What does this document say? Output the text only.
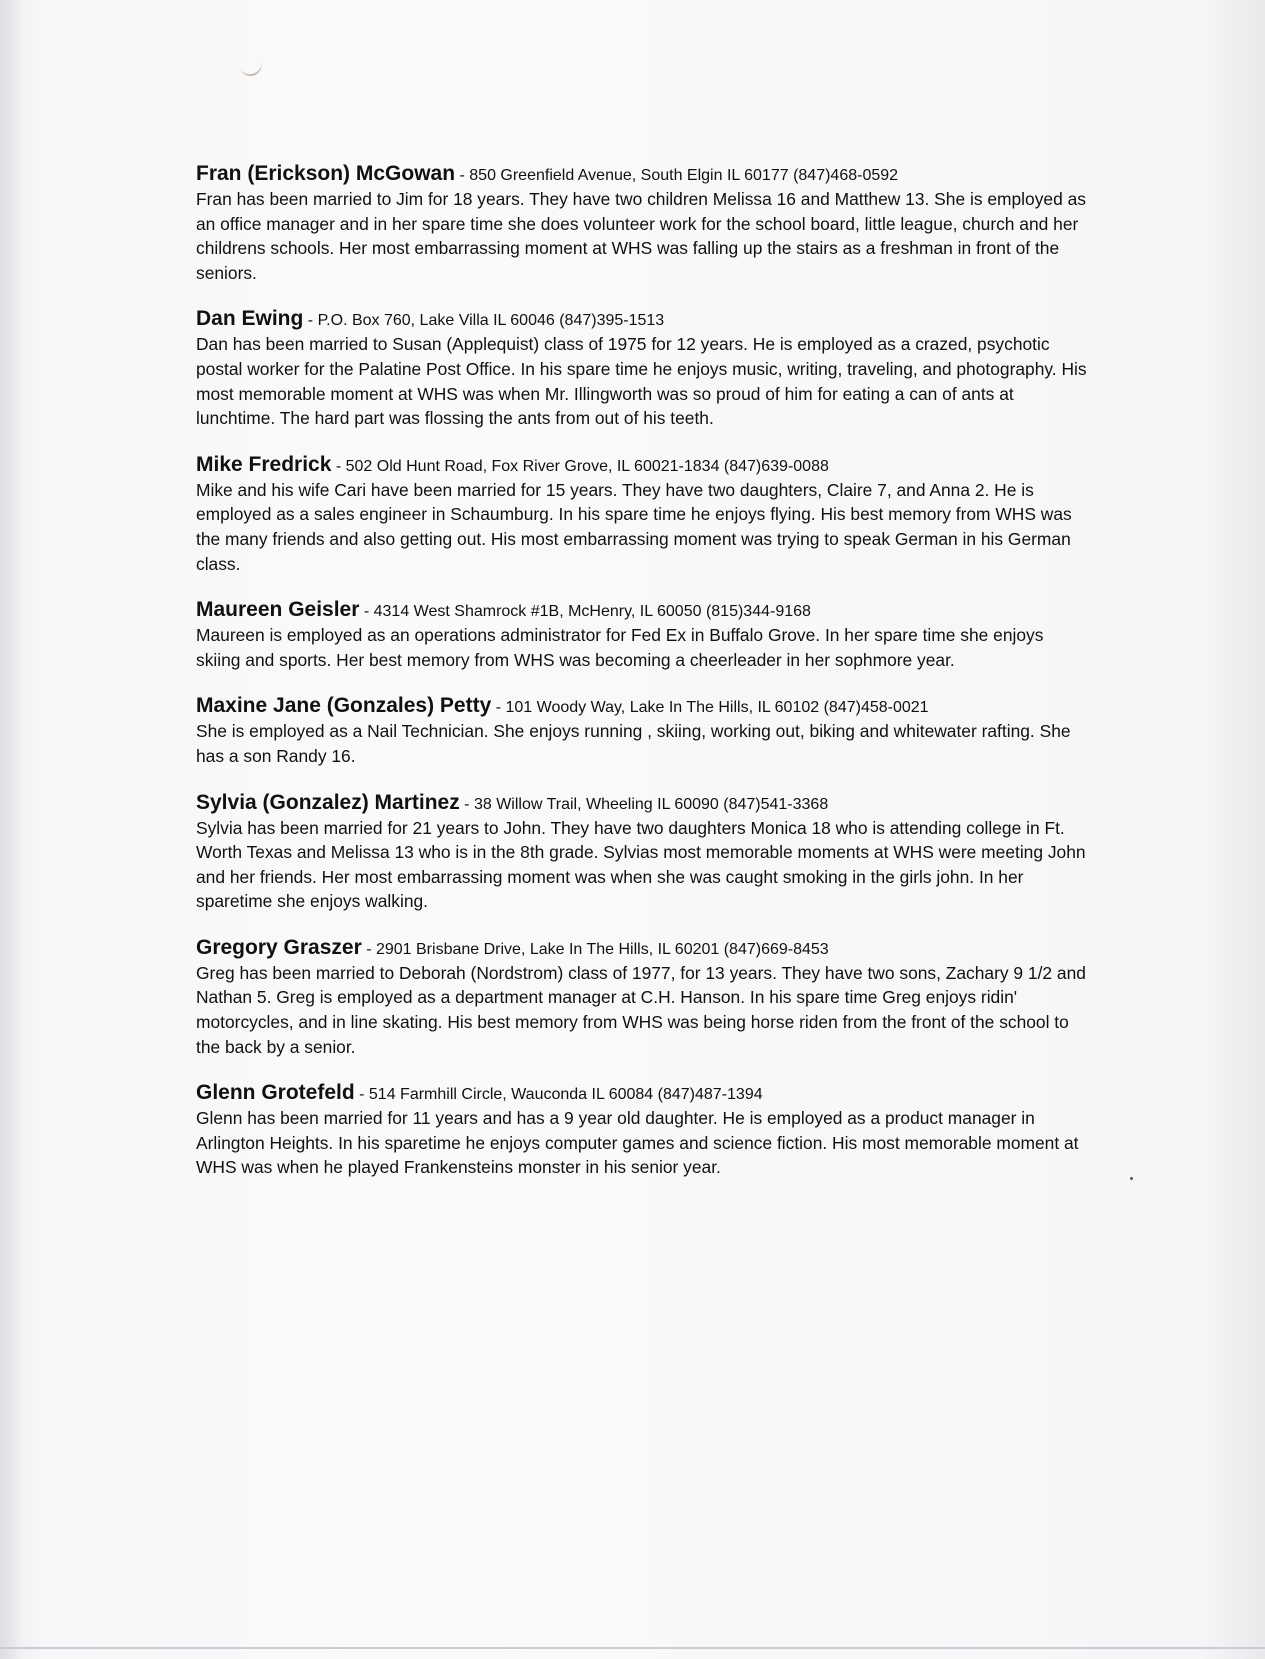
Fran (Erickson) McGowan - 850 Greenfield Avenue, South Elgin IL 60177 (847)468-0592
Fran has been married to Jim for 18 years. They have two children Melissa 16 and Matthew 13. She is employed as an office manager and in her spare time she does volunteer work for the school board, little league, church and her childrens schools. Her most embarrassing moment at WHS was falling up the stairs as a freshman in front of the seniors.
Dan Ewing - P.O. Box 760, Lake Villa IL 60046 (847)395-1513
Dan has been married to Susan (Applequist) class of 1975 for 12 years. He is employed as a crazed, psychotic postal worker for the Palatine Post Office. In his spare time he enjoys music, writing, traveling, and photography. His most memorable moment at WHS was when Mr. Illingworth was so proud of him for eating a can of ants at lunchtime. The hard part was flossing the ants from out of his teeth.
Mike Fredrick - 502 Old Hunt Road, Fox River Grove, IL 60021-1834 (847)639-0088
Mike and his wife Cari have been married for 15 years. They have two daughters, Claire 7, and Anna 2. He is employed as a sales engineer in Schaumburg. In his spare time he enjoys flying. His best memory from WHS was the many friends and also getting out. His most embarrassing moment was trying to speak German in his German class.
Maureen Geisler - 4314 West Shamrock #1B, McHenry, IL 60050 (815)344-9168
Maureen is employed as an operations administrator for Fed Ex in Buffalo Grove. In her spare time she enjoys skiing and sports. Her best memory from WHS was becoming a cheerleader in her sophmore year.
Maxine Jane (Gonzales) Petty - 101 Woody Way, Lake In The Hills, IL 60102 (847)458-0021
She is employed as a Nail Technician. She enjoys running , skiing, working out, biking and whitewater rafting. She has a son Randy 16.
Sylvia (Gonzalez) Martinez - 38 Willow Trail, Wheeling IL 60090 (847)541-3368
Sylvia has been married for 21 years to John. They have two daughters Monica 18 who is attending college in Ft. Worth Texas and Melissa 13 who is in the 8th grade. Sylvias most memorable moments at WHS were meeting John and her friends. Her most embarrassing moment was when she was caught smoking in the girls john. In her sparetime she enjoys walking.
Gregory Graszer - 2901 Brisbane Drive, Lake In The Hills, IL 60201 (847)669-8453
Greg has been married to Deborah (Nordstrom) class of 1977, for 13 years. They have two sons, Zachary 9 1/2 and Nathan 5. Greg is employed as a department manager at C.H. Hanson. In his spare time Greg enjoys ridin' motorcycles, and in line skating. His best memory from WHS was being horse riden from the front of the school to the back by a senior.
Glenn Grotefeld - 514 Farmhill Circle, Wauconda IL 60084 (847)487-1394
Glenn has been married for 11 years and has a 9 year old daughter. He is employed as a product manager in Arlington Heights. In his sparetime he enjoys computer games and science fiction. His most memorable moment at WHS was when he played Frankensteins monster in his senior year.
